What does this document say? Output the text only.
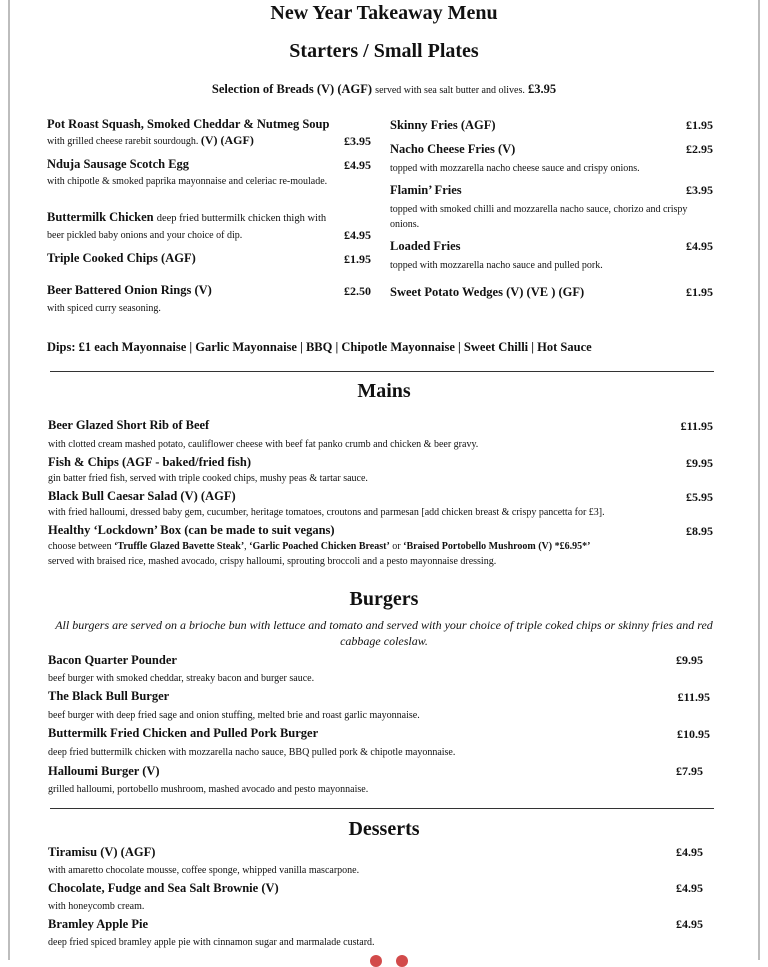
New Year Takeaway Menu
Starters / Small Plates
Selection of Breads (V) (AGF) served with sea salt butter and olives. £3.95
Pot Roast Squash, Smoked Cheddar & Nutmeg Soup
with grilled cheese rarebit sourdough. (V) (AGF)	£3.95
Nduja Sausage Scotch Egg	£4.95
with chipotle & smoked paprika mayonnaise and celeriac re-moulade.
Buttermilk Chicken deep fried buttermilk chicken thigh with
beer pickled baby onions and your choice of dip.	£4.95
Triple Cooked Chips (AGF)	£1.95
Beer Battered Onion Rings (V)	£2.50
with spiced curry seasoning.
Skinny Fries (AGF)	£1.95
Nacho Cheese Fries (V)	£2.95
topped with mozzarella nacho cheese sauce and crispy onions.
Flamin’ Fries	£3.95
topped with smoked chilli and mozzarella nacho sauce, chorizo and crispy onions.
Loaded Fries	£4.95
topped with mozzarella nacho sauce and pulled pork.
Sweet Potato Wedges (V) (VE ) (GF)	£1.95
Dips: £1 each Mayonnaise | Garlic Mayonnaise | BBQ | Chipotle Mayonnaise | Sweet Chilli | Hot Sauce
Mains
Beer Glazed Short Rib of Beef	£11.95
with clotted cream mashed potato, cauliflower cheese with beef fat panko crumb and chicken & beer gravy.
Fish & Chips (AGF - baked/fried fish)	£9.95
gin batter fried fish, served with triple cooked chips, mushy peas & tartar sauce.
Black Bull Caesar Salad (V) (AGF)	£5.95
with fried halloumi, dressed baby gem, cucumber, heritage tomatoes, croutons and parmesan [add chicken breast & crispy pancetta for £3].
Healthy ‘Lockdown’ Box (can be made to suit vegans)	£8.95
choose between ‘Truffle Glazed Bavette Steak’, ‘Garlic Poached Chicken Breast’ or ‘Braised Portobello Mushroom (V) *£6.95*’
served with braised rice, mashed avocado, crispy halloumi, sprouting broccoli and a pesto mayonnaise dressing.
Burgers
All burgers are served on a brioche bun with lettuce and tomato and served with your choice of triple coked chips or skinny fries and red cabbage coleslaw.
Bacon Quarter Pounder	£9.95
beef burger with smoked cheddar, streaky bacon and burger sauce.
The Black Bull Burger	£11.95
beef burger with deep fried sage and onion stuffing, melted brie and roast garlic mayonnaise.
Buttermilk Fried Chicken and Pulled Pork Burger	£10.95
deep fried buttermilk chicken with mozzarella nacho sauce, BBQ pulled pork & chipotle mayonnaise.
Halloumi Burger (V)	£7.95
grilled halloumi, portobello mushroom, mashed avocado and pesto mayonnaise.
Desserts
Tiramisu (V) (AGF)	£4.95
with amaretto chocolate mousse, coffee sponge, whipped vanilla mascarpone.
Chocolate, Fudge and Sea Salt Brownie (V)	£4.95
with honeycomb cream.
Bramley Apple Pie	£4.95
deep fried spiced bramley apple pie with cinnamon sugar and marmalade custard.
